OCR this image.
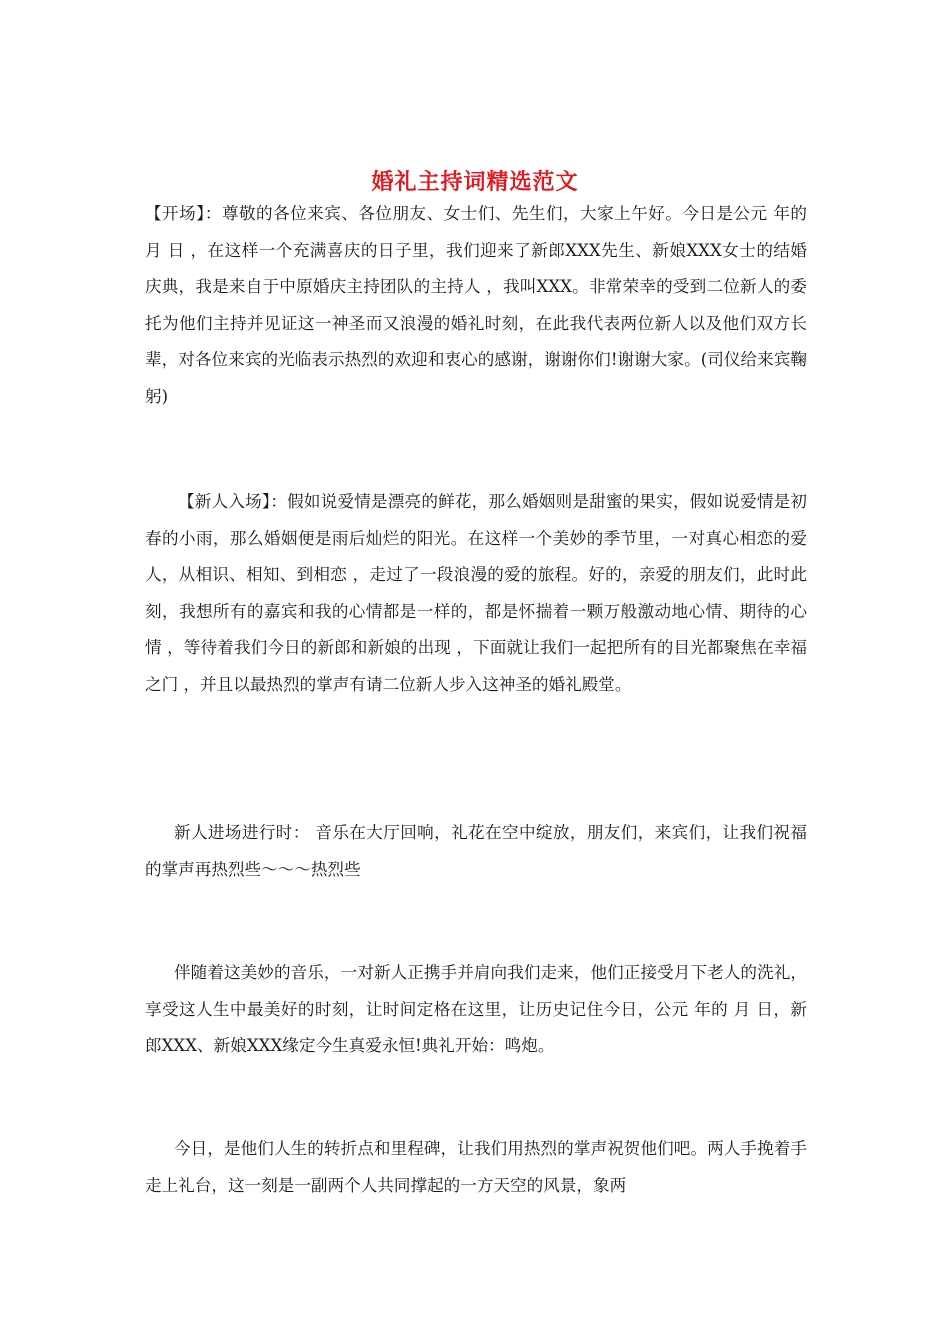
婚礼主持词精选范文

【开场】：尊敬的各位来宾、各位朋友、女士们、先生们，大家上午好。今日是公元 年的 月 日 ，在这样一个充满喜庆的日子里，我们迎来了新郎XXX先生、新娘XXX女士的结婚庆典，我是来自于中原婚庆主持团队的主持人 ，我叫XXX。非常荣幸的受到二位新人的委托为他们主持并见证这一神圣而又浪漫的婚礼时刻，在此我代表两位新人以及他们双方长辈，对各位来宾的光临表示热烈的欢迎和衷心的感谢，谢谢你们!谢谢大家。(司仪给来宾鞠躬)

【新人入场】：假如说爱情是漂亮的鲜花，那么婚姻则是甜蜜的果实，假如说爱情是初春的小雨，那么婚姻便是雨后灿烂的阳光。在这样一个美妙的季节里，一对真心相恋的爱人，从相识、相知、到相恋 ，走过了一段浪漫的爱的旅程。好的，亲爱的朋友们，此时此刻，我想所有的嘉宾和我的心情都是一样的，都是怀揣着一颗万般激动地心情、期待的心情 ，等待着我们今日的新郎和新娘的出现 ，下面就让我们一起把所有的目光都聚焦在幸福之门 ，并且以最热烈的掌声有请二位新人步入这神圣的婚礼殿堂。

新人进场进行时： 音乐在大厅回响，礼花在空中绽放，朋友们，来宾们，让我们祝福的掌声再热烈些～～～热烈些

伴随着这美妙的音乐，一对新人正携手并肩向我们走来，他们正接受月下老人的洗礼，享受这人生中最美好的时刻，让时间定格在这里，让历史记住今日，公元 年的 月 日，新郎XXX、新娘XXX缘定今生真爱永恒!典礼开始：鸣炮。

今日，是他们人生的转折点和里程碑，让我们用热烈的掌声祝贺他们吧。两人手挽着手走上礼台，这一刻是一副两个人共同撑起的一方天空的风景，象两
